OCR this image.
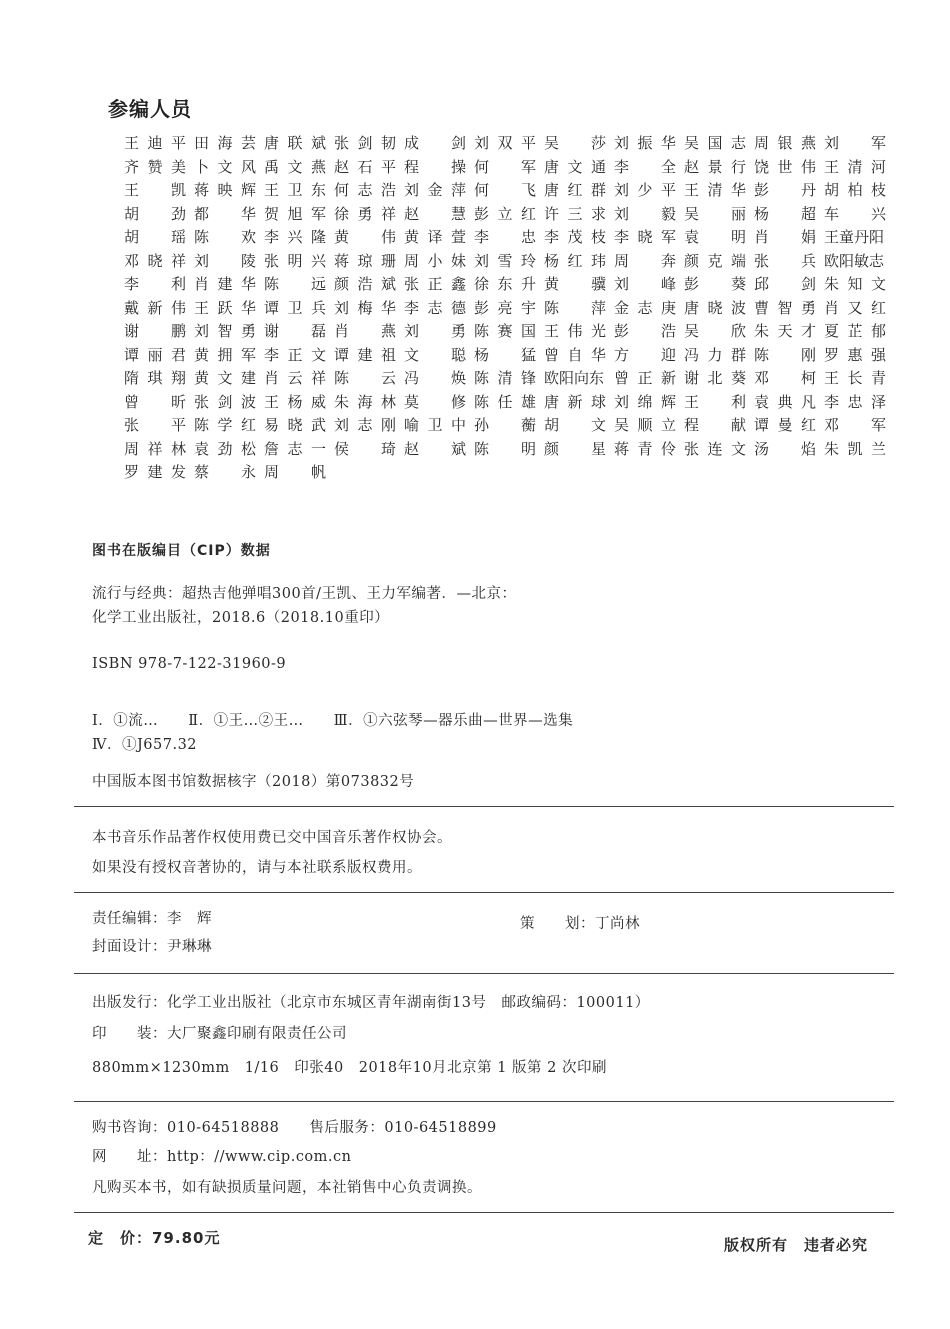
参编人员
王迪平 田海芸 唐联斌 张剑韧 成　剑 刘双平 吴　莎 刘振华 吴国志 周银燕 刘　军
齐赞美 卜文风 禹文燕 赵石平 程　操 何　军 唐文通 李　全 赵景行 饶世伟 王清河
王　凯 蒋映辉 王卫东 何志浩 刘金萍 何　飞 唐红群 刘少平 王清华 彭　丹 胡柏枝
胡　劲 都　华 贺旭军 徐勇祥 赵　慧 彭立红 许三求 刘　毅 吴　丽 杨　超 车　兴
胡　瑶 陈　欢 李兴隆 黄　伟 黄译萱 李　忠 李茂枝 李晓军 袁　明 肖　娟 王童丹阳
邓晓祥 刘　陵 张明兴 蒋琼珊 周小妹 刘雪玲 杨红玮 周　奔 颜克端 张　兵 欧阳敏志
李　利 肖建华 陈　远 颜浩斌 张正鑫 徐东升 黄　骥 刘　峰 彭　葵 邱　剑 朱知文
戴新伟 王跃华 谭卫兵 刘梅华 李志德 彭亮宇 陈　萍 金志庚 唐晓波 曹智勇 肖又红
谢　鹏 刘智勇 谢　磊 肖　燕 刘　勇 陈赛国 王伟光 彭　浩 吴　欣 朱天才 夏芷郁
谭丽君 黄拥军 李正文 谭建祖 文　聪 杨　猛 曾自华 方　迎 冯力群 陈　刚 罗惠强
隋琪翔 黄文建 肖云祥 陈　云 冯　焕 陈清锋 欧阳向东 曾正新 谢北葵 邓　柯 王长青
曾　昕 张剑波 王杨威 朱海林 莫　修 陈任雄 唐新球 刘绵辉 王　利 袁典凡 李忠泽
张　平 陈学红 易晓武 刘志刚 喻卫中 孙　蘅 胡　文 吴顺立 程　献 谭曼红 邓　军
周祥林 袁劲松 詹志一 侯　琦 赵　斌 陈　明 颜　星 蒋青伶 张连文 汤　焰 朱凯兰
罗建发 蔡　永 周　帆
图书在版编目（CIP）数据
流行与经典：超热吉他弹唱300首/王凯、王力军编著．—北京：
化学工业出版社，2018.6（2018.10重印）
ISBN 978-7-122-31960-9
Ⅰ．①流…　　Ⅱ．①王…②王…　　Ⅲ．①六弦琴—器乐曲—世界—选集
Ⅳ．①J657.32
中国版本图书馆数据核字（2018）第073832号
本书音乐作品著作权使用费已交中国音乐著作权协会。
如果没有授权音著协的，请与本社联系版权费用。
责任编辑：李　辉	策　　划：丁尚林
封面设计：尹琳琳
出版发行：化学工业出版社（北京市东城区青年湖南街13号　邮政编码：100011）
印　　装：大厂聚鑫印刷有限责任公司
880mm×1230mm　1/16　印张40　2018年10月北京第 1 版第 2 次印刷
购书咨询：010-64518888　　售后服务：010-64518899
网　　址：http：//www.cip.com.cn
凡购买本书，如有缺损质量问题，本社销售中心负责调换。
定　价：79.80元	版权所有　违者必究
